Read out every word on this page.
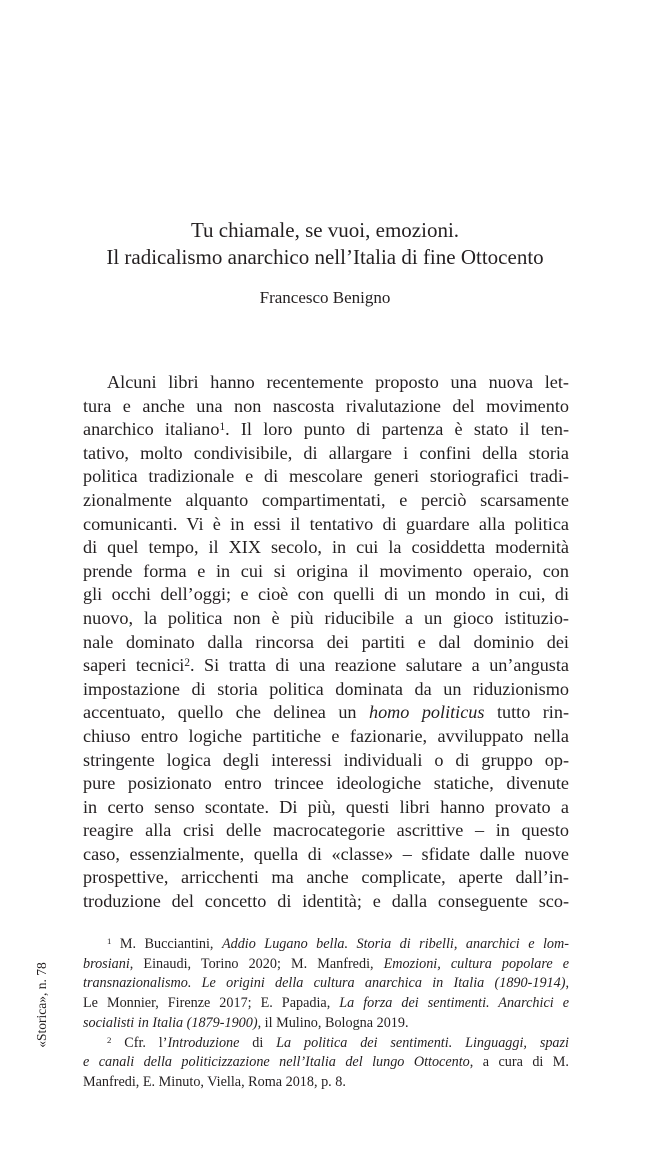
Tu chiamale, se vuoi, emozioni.
Il radicalismo anarchico nell’Italia di fine Ottocento

Francesco Benigno

Alcuni libri hanno recentemente proposto una nuova let-
tura e anche una non nascosta rivalutazione del movimento
anarchico italiano$^1$. Il loro punto di partenza è stato il ten-
tativo, molto condivisibile, di allargare i confini della storia
politica tradizionale e di mescolare generi storiografici tradi-
zionalmente alquanto compartimentati, e perciò scarsamente
comunicanti. Vi è in essi il tentativo di guardare alla politica
di quel tempo, il XIX secolo, in cui la cosiddetta modernità
prende forma e in cui si origina il movimento operaio, con
gli occhi dell’oggi; e cioè con quelli di un mondo in cui, di
nuovo, la politica non è più riducibile a un gioco istituzio-
nale dominato dalla rincorsa dei partiti e dal dominio dei
saperi tecnici$^2$. Si tratta di una reazione salutare a un’angusta
impostazione di storia politica dominata da un riduzionismo
accentuato, quello che delinea un homo politicus tutto rin-
chiuso entro logiche partitiche e fazionarie, avviluppato nella
stringente logica degli interessi individuali o di gruppo op-
pure posizionato entro trincee ideologiche statiche, divenute
in certo senso scontate. Di più, questi libri hanno provato a
reagire alla crisi delle macrocategorie ascrittive – in questo
caso, essenzialmente, quella di «classe» – sfidate dalle nuove
prospettive, arricchenti ma anche complicate, aperte dall’in-
troduzione del concetto di identità; e dalla conseguente sco-
$^1$ M. Bucciantini, Addio Lugano bella. Storia di ribelli, anarchici e lom-
brosiani, Einaudi, Torino 2020; M. Manfredi, Emozioni, cultura popolare e
transnazionalismo. Le origini della cultura anarchica in Italia (1890-1914),
Le Monnier, Firenze 2017; E. Papadia, La forza dei sentimenti. Anarchici e
socialisti in Italia (1879-1900), il Mulino, Bologna 2019.
$^2$ Cfr. l’Introduzione di La politica dei sentimenti. Linguaggi, spazi
e canali della politicizzazione nell’Italia del lungo Ottocento, a cura di M.
Manfredi, E. Minuto, Viella, Roma 2018, p. 8.
«Storica», n. 78
